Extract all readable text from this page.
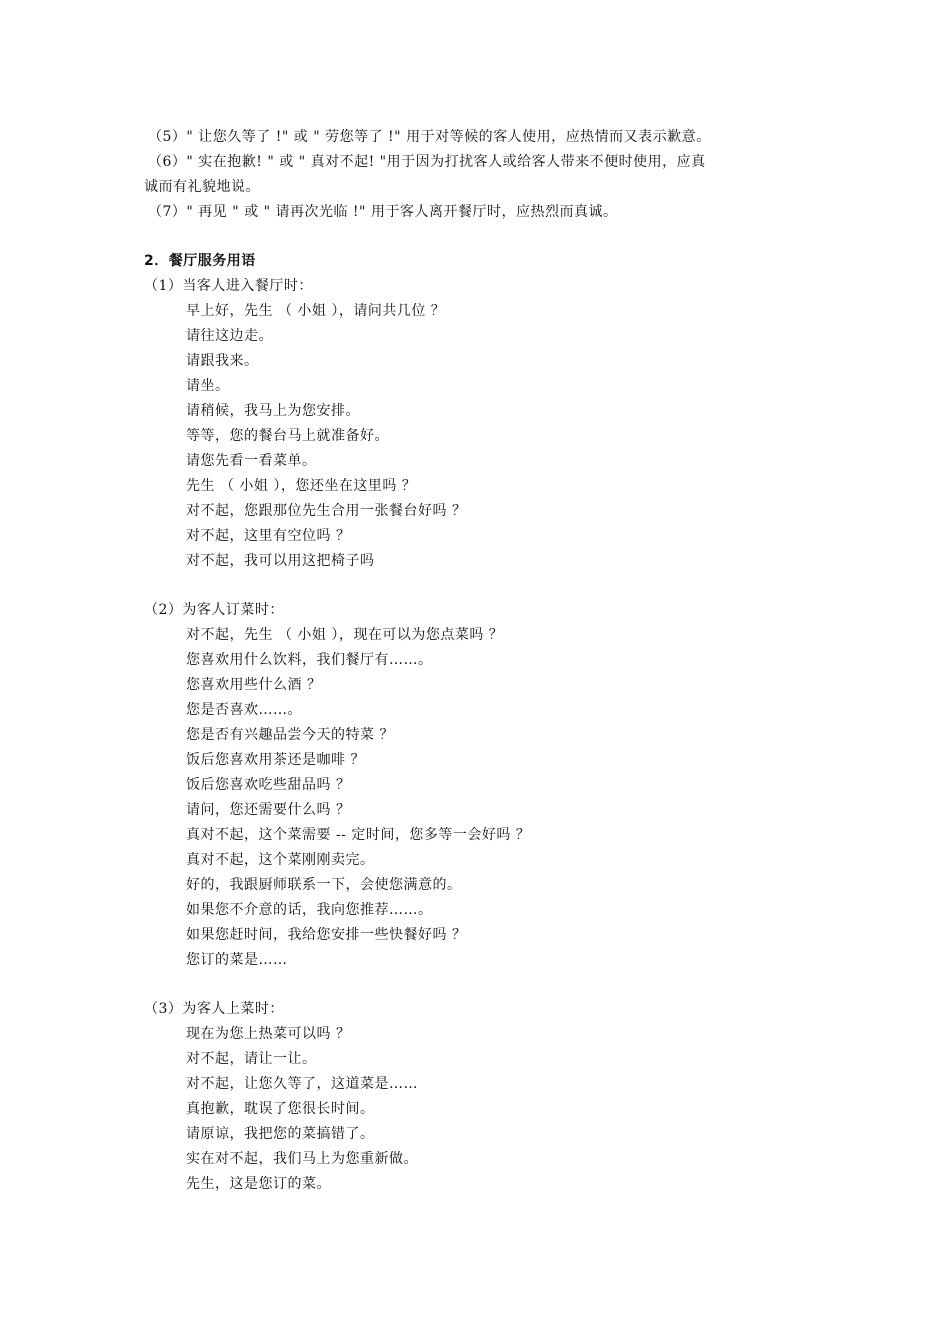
（5）" 让您久等了 !" 或 " 劳您等了 !" 用于对等候的客人使用，应热情而又表示歉意。
（6）" 实在抱歉! " 或 " 真对不起! "用于因为打扰客人或给客人带来不便时使用，应真
诚而有礼貌地说。
（7）" 再见 " 或 " 请再次光临 !" 用于客人离开餐厅时，应热烈而真诚。
2．餐厅服务用语
（1）当客人进入餐厅时：
早上好，先生 （ 小姐 ），请问共几位 ？
请往这边走。
请跟我来。
请坐。
请稍候，我马上为您安排。
等等，您的餐台马上就准备好。
请您先看一看菜单。
先生 （ 小姐 ），您还坐在这里吗 ？
对不起，您跟那位先生合用一张餐台好吗 ？
对不起，这里有空位吗 ？
对不起，我可以用这把椅子吗
（2）为客人订菜时：
对不起，先生 （ 小姐 ），现在可以为您点菜吗 ？
您喜欢用什么饮料，我们餐厅有……。
您喜欢用些什么酒 ？
您是否喜欢……。
您是否有兴趣品尝今天的特菜 ？
饭后您喜欢用茶还是咖啡 ？
饭后您喜欢吃些甜品吗 ？
请问，您还需要什么吗 ？
真对不起，这个菜需要 -- 定时间，您多等一会好吗 ？
真对不起，这个菜刚刚卖完。
好的，我跟厨师联系一下，会使您满意的。
如果您不介意的话，我向您推荐……。
如果您赶时间，我给您安排一些快餐好吗 ？
您订的菜是……
（3）为客人上菜时：
现在为您上热菜可以吗 ？
对不起，请让一让。
对不起，让您久等了，这道菜是……
真抱歉，耽误了您很长时间。
请原谅，我把您的菜搞错了。
实在对不起，我们马上为您重新做。
先生，这是您订的菜。
